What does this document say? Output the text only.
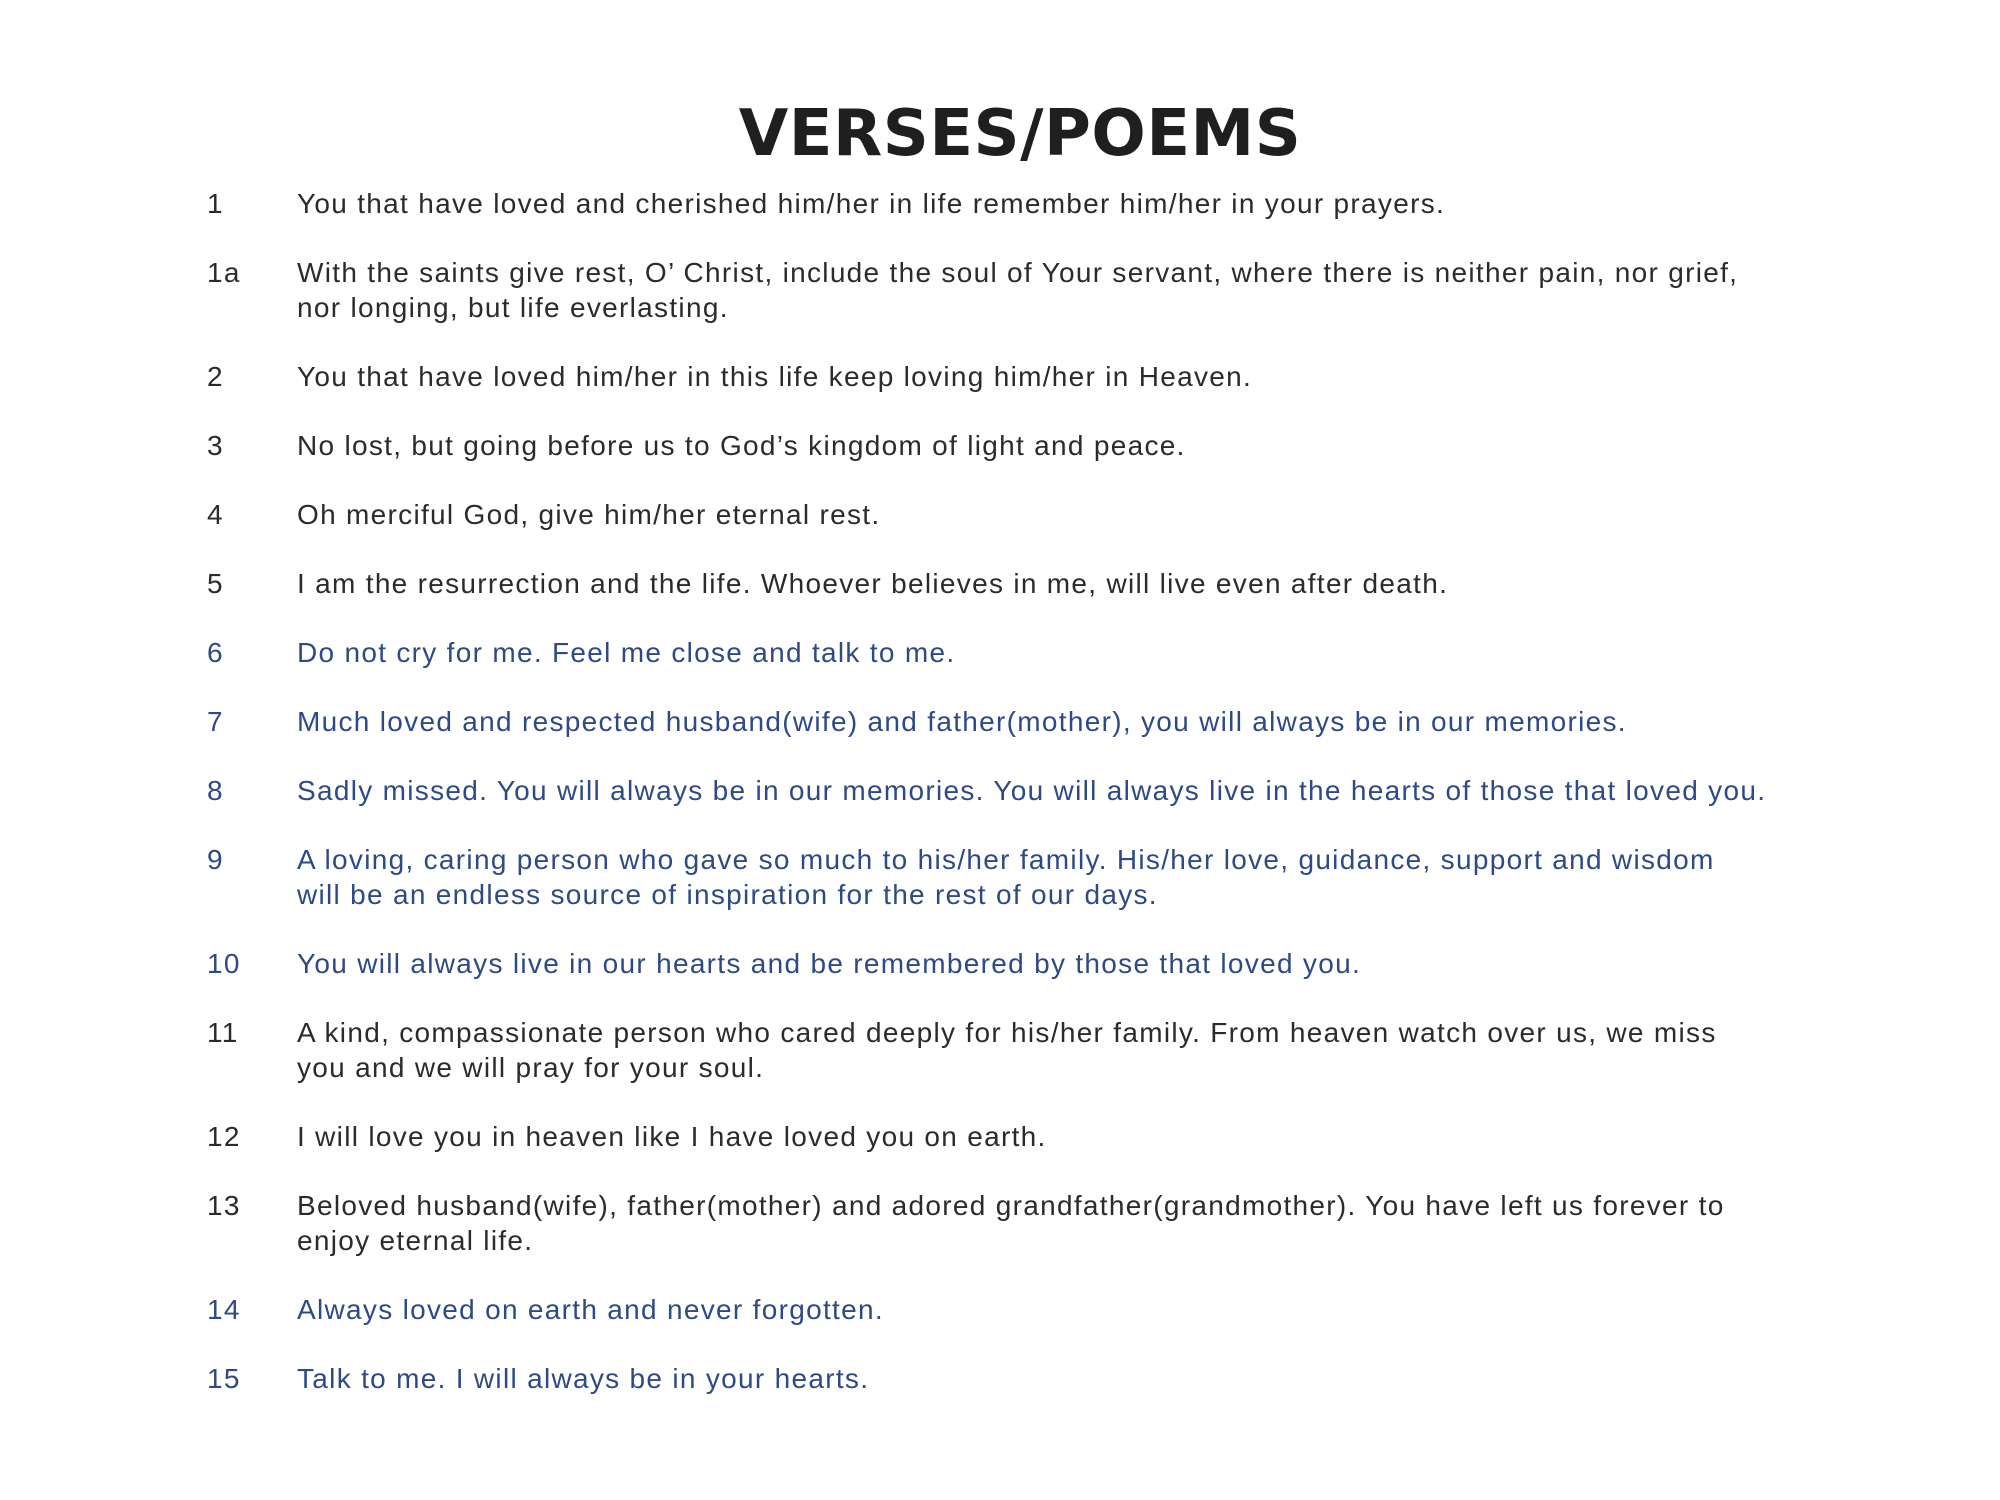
VERSES/POEMS
1	You that have loved and cherished him/her in life remember him/her in your prayers.
1a	With the saints give rest, O’ Christ, include the soul of Your servant, where there is neither pain, nor grief, nor longing, but life everlasting.
2	You that have loved him/her in this life keep loving him/her in Heaven.
3	No lost, but going before us to God’s kingdom of light and peace.
4	Oh merciful God, give him/her eternal rest.
5	I am the resurrection and the life. Whoever believes in me, will live even after death.
6	Do not cry for me. Feel me close and talk to me.
7	Much loved and respected husband(wife) and father(mother), you will always be in our memories.
8	Sadly missed. You will always be in our memories. You will always live in the hearts of those that loved you.
9	A loving, caring person who gave so much to his/her family. His/her love, guidance, support and wisdom will be an endless source of inspiration for the rest of our days.
10	You will always live in our hearts and be remembered by those that loved you.
11	A kind, compassionate person who cared deeply for his/her family. From heaven watch over us, we miss you and we will pray for your soul.
12	I will love you in heaven like I have loved you on earth.
13	Beloved husband(wife), father(mother) and adored grandfather(grandmother). You have left us forever to enjoy eternal life.
14	Always loved on earth and never forgotten.
15	Talk to me. I will always be in your hearts.
